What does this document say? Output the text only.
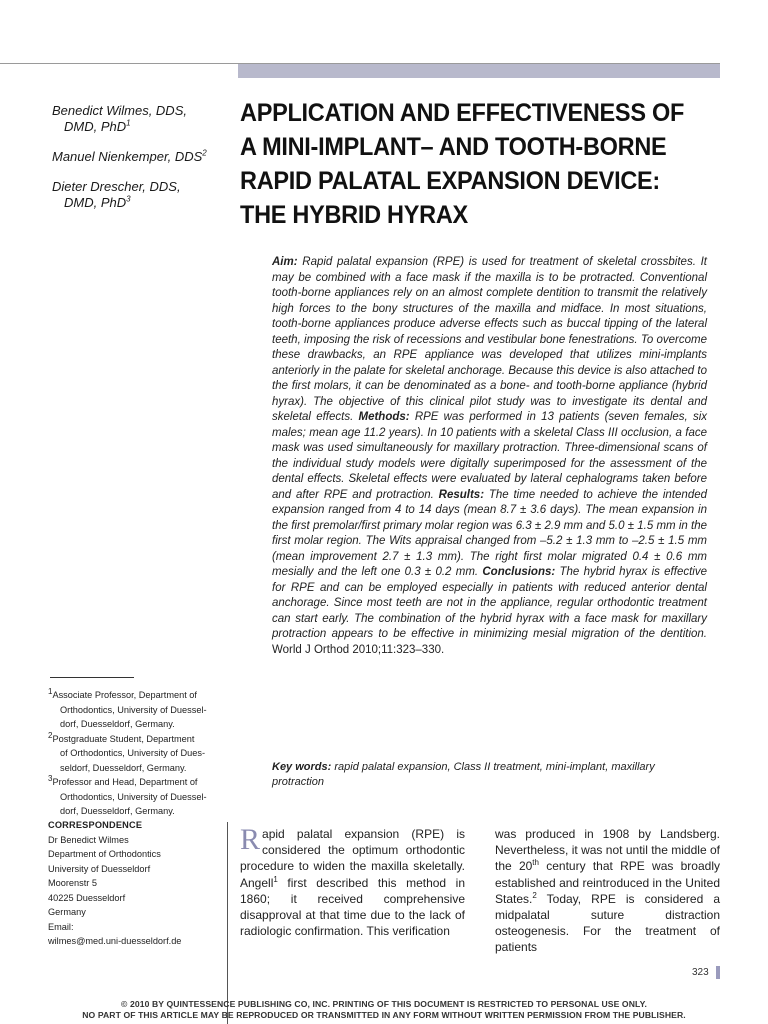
Benedict Wilmes, DDS,
DMD, PhD$^1$

Manuel Nienkemper, DDS$^2$

Dieter Drescher, DDS,
DMD, PhD$^3$

APPLICATION AND EFFECTIVENESS OF
A MINI-IMPLANT– AND TOOTH-BORNE
RAPID PALATAL EXPANSION DEVICE:
THE HYBRID HYRAX
Aim: Rapid palatal expansion (RPE) is used for treatment of skeletal crossbites. It may be combined with a face mask if the maxilla is to be protracted. Conventional tooth-borne appliances rely on an almost complete dentition to transmit the relatively high forces to the bony structures of the maxilla and midface. In most situations, tooth-borne appliances produce adverse effects such as buccal tipping of the lateral teeth, imposing the risk of recessions and vestibular bone fenestrations. To overcome these drawbacks, an RPE appliance was developed that utilizes mini-implants anteriorly in the palate for skeletal anchorage. Because this device is also attached to the first molars, it can be denominated as a bone- and tooth-borne appliance (hybrid hyrax). The objective of this clinical pilot study was to investigate its dental and skeletal effects. Methods: RPE was performed in 13 patients (seven females, six males; mean age 11.2 years). In 10 patients with a skeletal Class III occlusion, a face mask was used simultaneously for maxillary protraction. Three-dimensional scans of the individual study models were digitally superimposed for the assessment of the dental effects. Skeletal effects were evaluated by lateral cephalograms taken before and after RPE and protraction. Results: The time needed to achieve the intended expansion ranged from 4 to 14 days (mean 8.7 ± 3.6 days). The mean expansion in the first premolar/first primary molar region was 6.3 ± 2.9 mm and 5.0 ± 1.5 mm in the first molar region. The Wits appraisal changed from –5.2 ± 1.3 mm to –2.5 ± 1.5 mm (mean improvement 2.7 ± 1.3 mm). The right first molar migrated 0.4 ± 0.6 mm mesially and the left one 0.3 ± 0.2 mm. Conclusions: The hybrid hyrax is effective for RPE and can be employed especially in patients with reduced anterior dental anchorage. Since most teeth are not in the appliance, regular orthodontic treatment can start early. The combination of the hybrid hyrax with a face mask for maxillary protraction appears to be effective in minimizing mesial migration of the dentition. World J Orthod 2010;11:323–330.
Key words: rapid palatal expansion, Class II treatment, mini-implant, maxillary protraction

$^1$Associate Professor, Department of
Orthodontics, University of Duessel- dorf, Duesseldorf, Germany.

$^2$Postgraduate Student, Department
of Orthodontics, University of Dues- seldorf, Duesseldorf, Germany.

$^3$Professor and Head, Department of
Orthodontics, University of Duessel- dorf, Duesseldorf, Germany.

CORRESPONDENCE
Dr Benedict Wilmes
Department of Orthodontics
University of Duesseldorf
Moorenstr 5
40225 Duesseldorf
Germany
Email:
wilmes@med.uni-duesseldorf.de
Rapid palatal expansion (RPE) is considered the optimum orthodontic procedure to widen the maxilla skeletally. Angell$^1$ first described this method in 1860; it received comprehensive disapproval at that time due to the lack of radiologic confirmation. This verification
was produced in 1908 by Landsberg. Nevertheless, it was not until the middle of the 20th century that RPE was broadly established and reintroduced in the United States.$^2$ Today, RPE is considered a midpalatal suture distraction osteogenesis. For the treatment of patients
323
© 2010 BY QUINTESSENCE PUBLISHING CO, INC. PRINTING OF THIS DOCUMENT IS RESTRICTED TO PERSONAL USE ONLY.
NO PART OF THIS ARTICLE MAY BE REPRODUCED OR TRANSMITTED IN ANY FORM WITHOUT WRITTEN PERMISSION FROM THE PUBLISHER.
